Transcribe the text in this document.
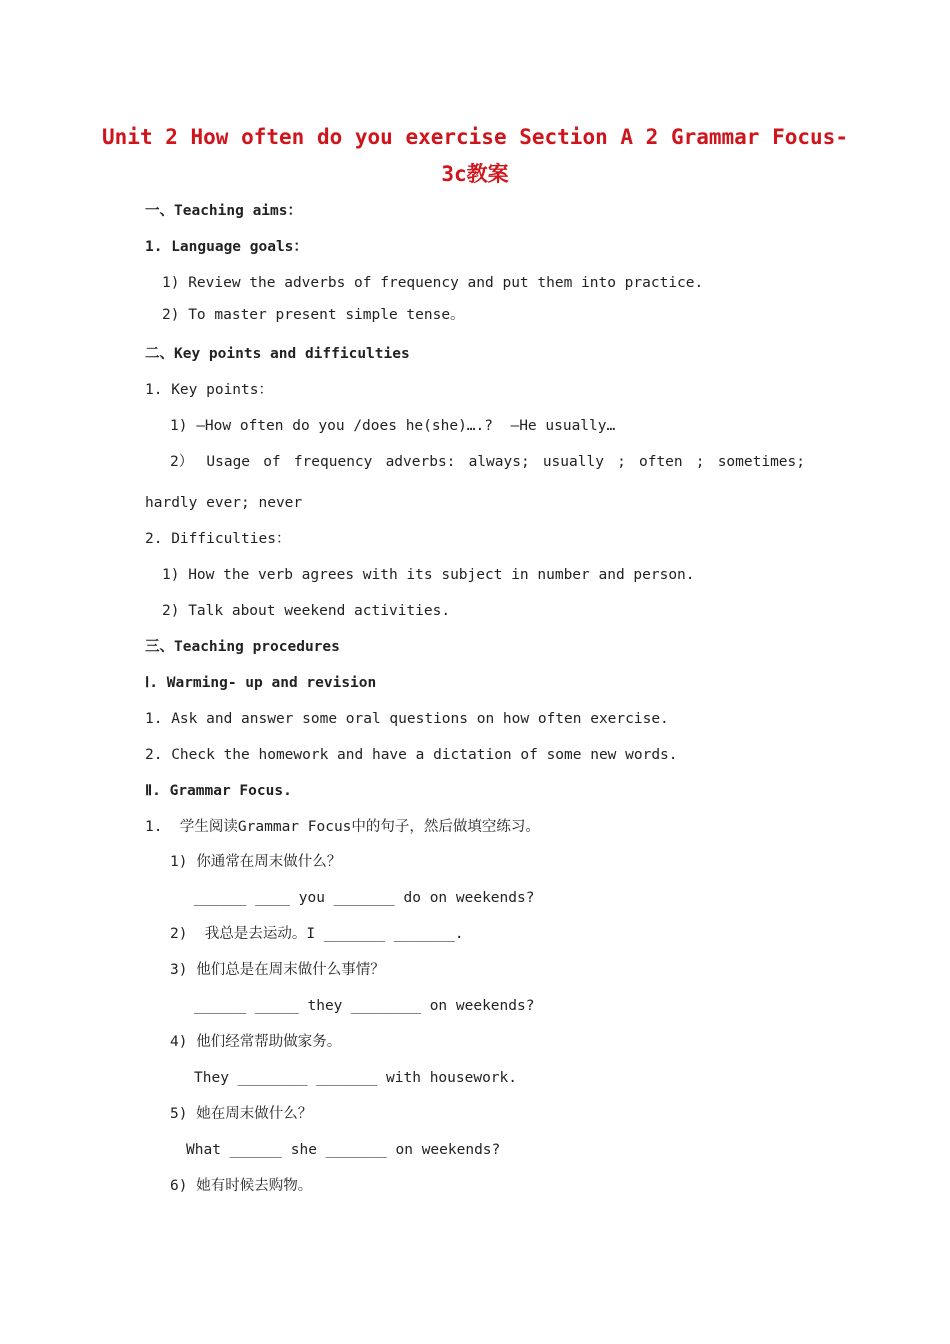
Unit 2 How often do you exercise Section A 2 Grammar Focus-
3c教案
一、Teaching aims：
1. Language goals：
1) Review the adverbs of frequency and put them into practice.
2) To master present simple tense。
二、Key points and difficulties
1. Key points：
1) —How often do you /does he(she)….?  —He usually…
2） Usage of frequency adverbs: always; usually ; often ; sometimes;
hardly ever; never
2. Difficulties：
1) How the verb agrees with its subject in number and person.
2) Talk about weekend activities.
三、Teaching procedures
Ⅰ. Warming- up and revision
1. Ask and answer some oral questions on how often exercise.
2. Check the homework and have a dictation of some new words.
Ⅱ. Grammar Focus.
1.  学生阅读Grammar Focus中的句子，然后做填空练习。
1) 你通常在周末做什么？
______ ____ you _______ do on weekends?
2)  我总是去运动。I _______ _______.
3) 他们总是在周末做什么事情？
______ _____ they ________ on weekends?
4) 他们经常帮助做家务。
They ________ _______ with housework.
5) 她在周末做什么？
What ______ she _______ on weekends?
6) 她有时候去购物。
